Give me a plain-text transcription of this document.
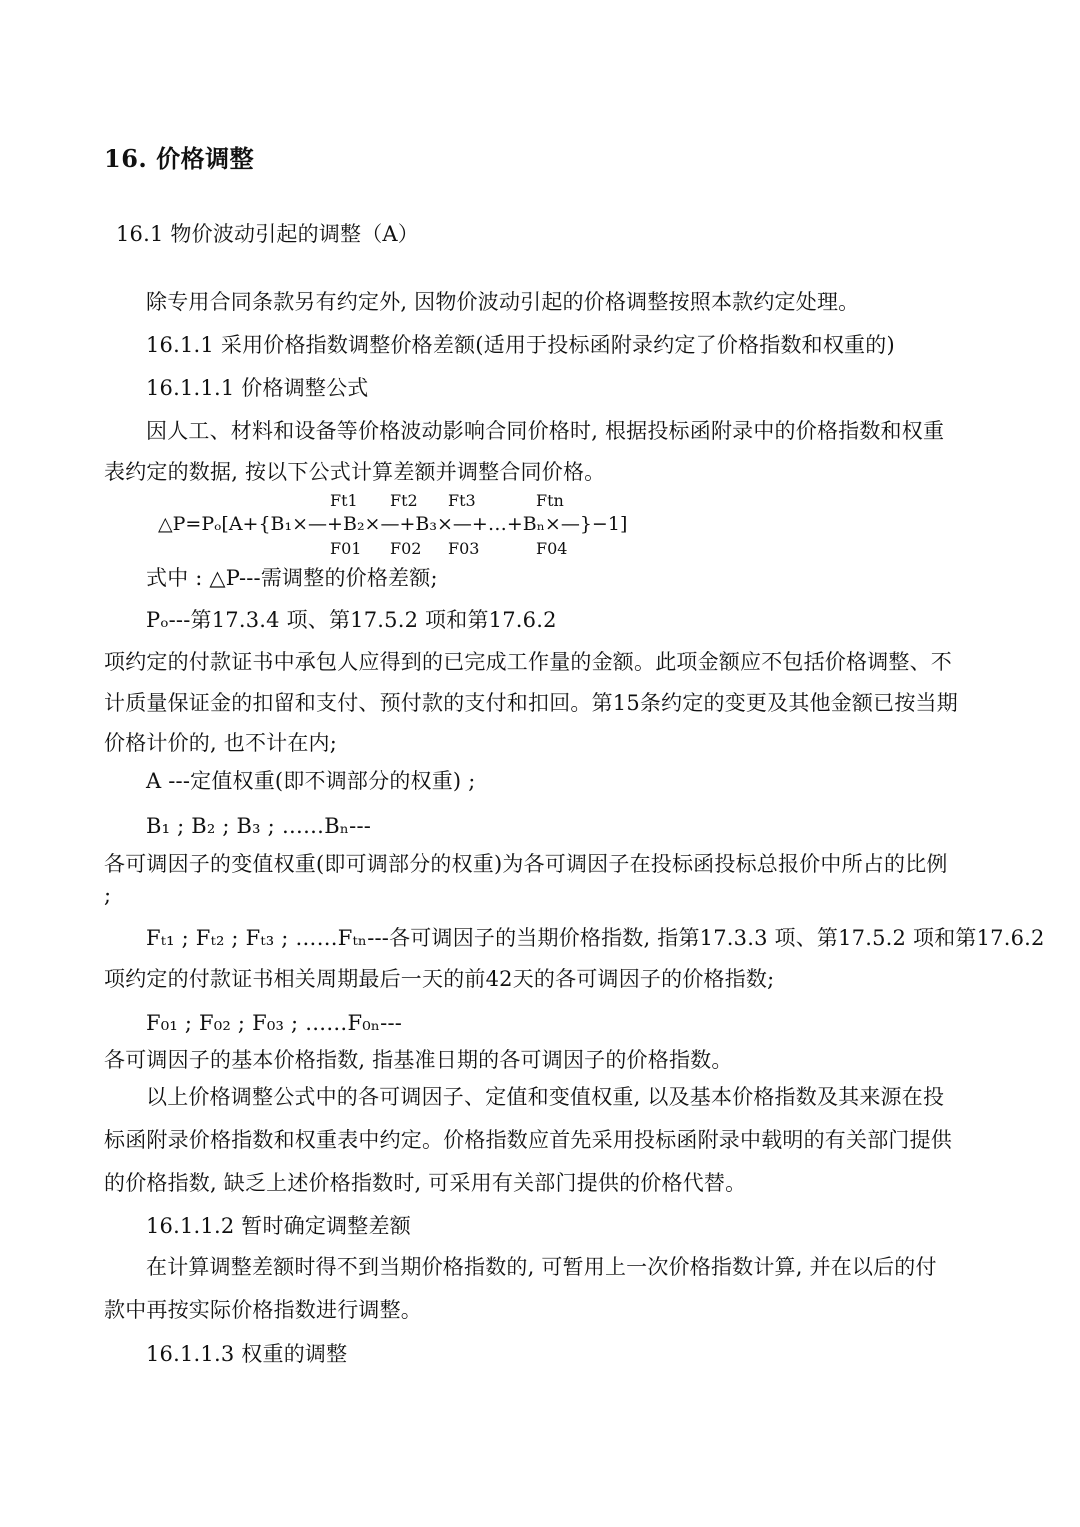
16. 价格调整
16.1 物价波动引起的调整（A）
除专用合同条款另有约定外, 因物价波动引起的价格调整按照本款约定处理。
16.1.1 采用价格指数调整价格差额(适用于投标函附录约定了价格指数和权重的)
16.1.1.1 价格调整公式
因人工、材料和设备等价格波动影响合同价格时, 根据投标函附录中的价格指数和权重
表约定的数据, 按以下公式计算差额并调整合同价格。
Ft1 Ft2 Ft3	Ftn
△P=Pₒ[A+{B₁×—+B₂×—+B₃×—+…+Bₙ×—}−1]
F01 F02 F03	F04
式中 : △P---需调整的价格差额;
Pₒ---第17.3.4 项、第17.5.2 项和第17.6.2
项约定的付款证书中承包人应得到的已完成工作量的金额。此项金额应不包括价格调整、不
计质量保证金的扣留和支付、预付款的支付和扣回。第15条约定的变更及其他金额已按当期
价格计价的, 也不计在内;
A ---定值权重(即不调部分的权重) ;
B₁ ; B₂ ; B₃ ; ……Bₙ---
各可调因子的变值权重(即可调部分的权重)为各可调因子在投标函投标总报价中所占的比例
;
Fₜ₁ ; Fₜ₂ ; Fₜ₃ ; ……Fₜₙ---各可调因子的当期价格指数, 指第17.3.3 项、第17.5.2 项和第17.6.2
项约定的付款证书相关周期最后一天的前42天的各可调因子的价格指数;
F₀₁ ; F₀₂ ; F₀₃ ; ……F₀ₙ---
各可调因子的基本价格指数, 指基准日期的各可调因子的价格指数。
以上价格调整公式中的各可调因子、定值和变值权重, 以及基本价格指数及其来源在投
标函附录价格指数和权重表中约定。价格指数应首先采用投标函附录中载明的有关部门提供
的价格指数, 缺乏上述价格指数时, 可采用有关部门提供的价格代替。
16.1.1.2 暂时确定调整差额
在计算调整差额时得不到当期价格指数的, 可暂用上一次价格指数计算, 并在以后的付
款中再按实际价格指数进行调整。
16.1.1.3 权重的调整
